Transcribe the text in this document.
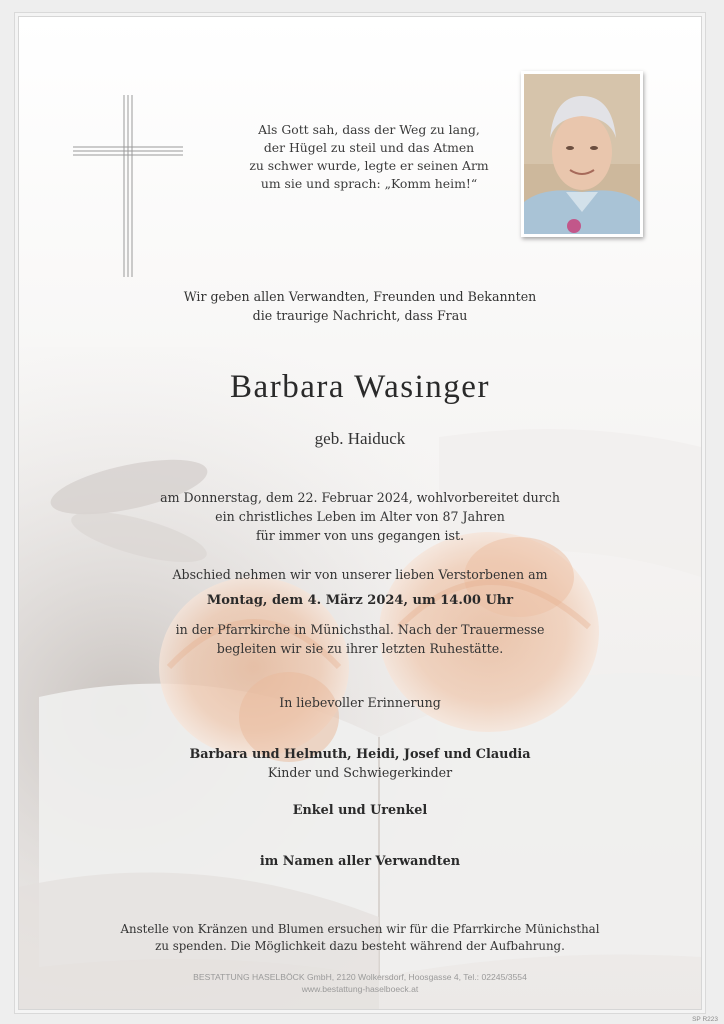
Als Gott sah, dass der Weg zu lang,
der Hügel zu steil und das Atmen
zu schwer wurde, legte er seinen Arm
um sie und sprach: „Komm heim!“
Wir geben allen Verwandten, Freunden und Bekannten
die traurige Nachricht, dass Frau
Barbara Wasinger
geb. Haiduck
am Donnerstag, dem 22. Februar 2024, wohlvorbereitet durch
ein christliches Leben im Alter von 87 Jahren
für immer von uns gegangen ist.
Abschied nehmen wir von unserer lieben Verstorbenen am
Montag, dem 4. März 2024, um 14.00 Uhr
in der Pfarrkirche in Münichsthal. Nach der Trauermesse
begleiten wir sie zu ihrer letzten Ruhestätte.
In liebevoller Erinnerung
Barbara und Helmuth, Heidi, Josef und Claudia
Kinder und Schwiegerkinder
Enkel und Urenkel
im Namen aller Verwandten
Anstelle von Kränzen und Blumen ersuchen wir für die Pfarrkirche Münichsthal
zu spenden. Die Möglichkeit dazu besteht während der Aufbahrung.
BESTATTUNG HASELBÖCK GmbH, 2120 Wolkersdorf, Hoosgasse 4, Tel.: 02245/3554
www.bestattung-haselboeck.at
SP R223
